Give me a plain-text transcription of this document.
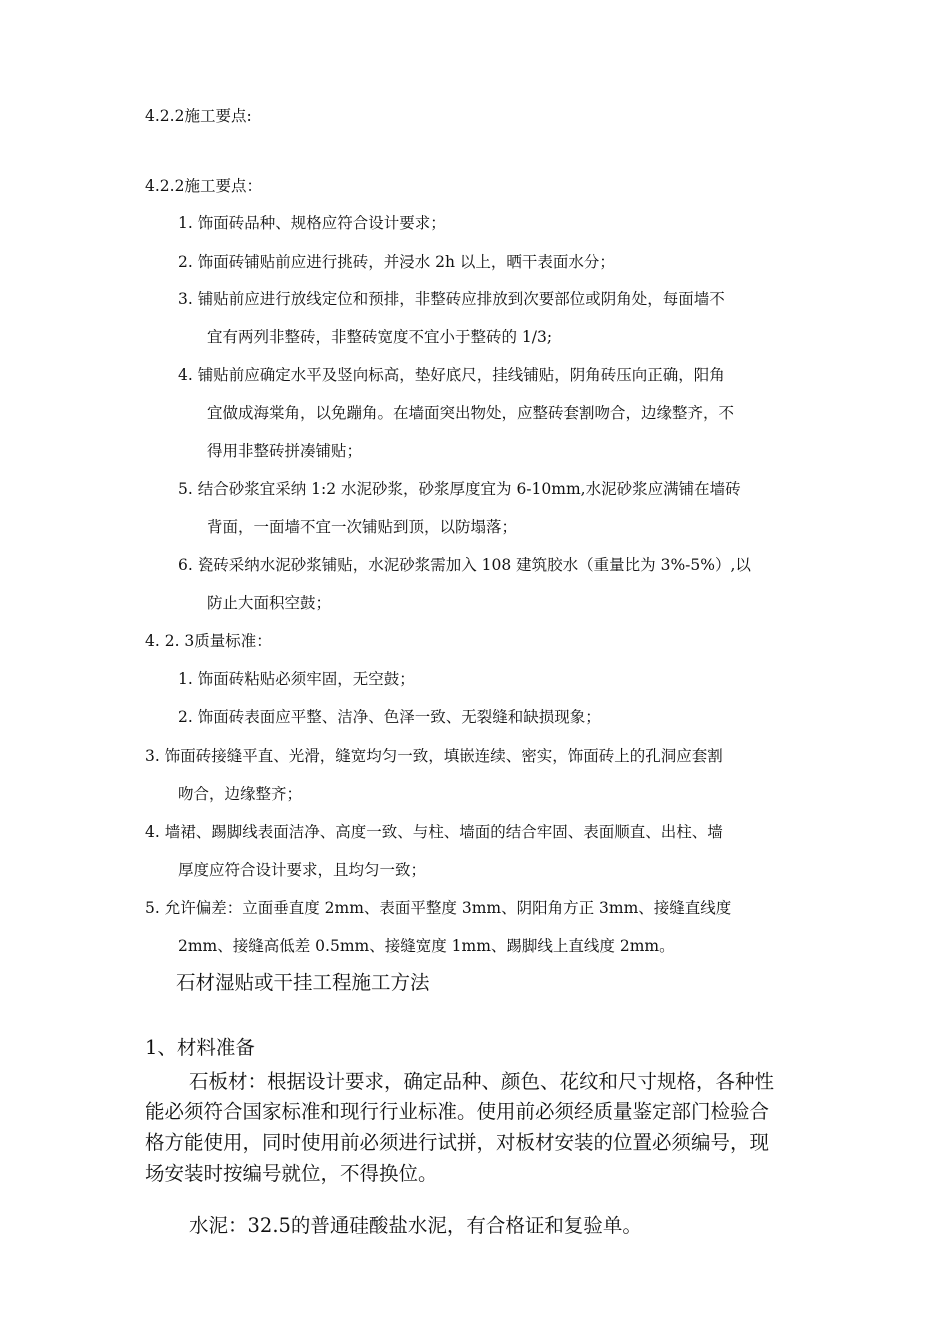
4.2.2施工要点:
4.2.2施工要点：
1. 饰面砖品种、规格应符合设计要求；
2. 饰面砖铺贴前应进行挑砖，并浸水 2h 以上，晒干表面水分；
3. 铺贴前应进行放线定位和预排，非整砖应排放到次要部位或阴角处，每面墙不
宜有两列非整砖，非整砖宽度不宜小于整砖的 1/3;
4. 铺贴前应确定水平及竖向标高，垫好底尺，挂线铺贴，阴角砖压向正确，阳角
宜做成海棠角，以免蹦角。在墙面突出物处，应整砖套割吻合，边缘整齐，不
得用非整砖拼凑铺贴；
5. 结合砂浆宜采纳 1:2 水泥砂浆，砂浆厚度宜为 6-10mm,水泥砂浆应满铺在墙砖
背面，一面墙不宜一次铺贴到顶，以防塌落；
6. 瓷砖采纳水泥砂浆铺贴，水泥砂浆需加入 108 建筑胶水（重量比为 3%-5%）,以
防止大面积空鼓；
4. 2. 3质量标准：
1. 饰面砖粘贴必须牢固，无空鼓；
2. 饰面砖表面应平整、洁净、色泽一致、无裂缝和缺损现象；
3. 饰面砖接缝平直、光滑，缝宽均匀一致，填嵌连续、密实，饰面砖上的孔洞应套割
吻合，边缘整齐；
4. 墙裙、踢脚线表面洁净、高度一致、与柱、墙面的结合牢固、表面顺直、出柱、墙
厚度应符合设计要求，且均匀一致；
5. 允许偏差：立面垂直度 2mm、表面平整度 3mm、阴阳角方正 3mm、接缝直线度
2mm、接缝高低差 0.5mm、接缝宽度 1mm、踢脚线上直线度 2mm。
石材湿贴或干挂工程施工方法
1、材料准备
石板材：根据设计要求，确定品种、颜色、花纹和尺寸规格，各种性
能必须符合国家标准和现行行业标准。使用前必须经质量鉴定部门检验合
格方能使用，同时使用前必须进行试拼，对板材安装的位置必须编号，现
场安装时按编号就位，不得换位。
水泥：32.5的普通硅酸盐水泥，有合格证和复验单。
